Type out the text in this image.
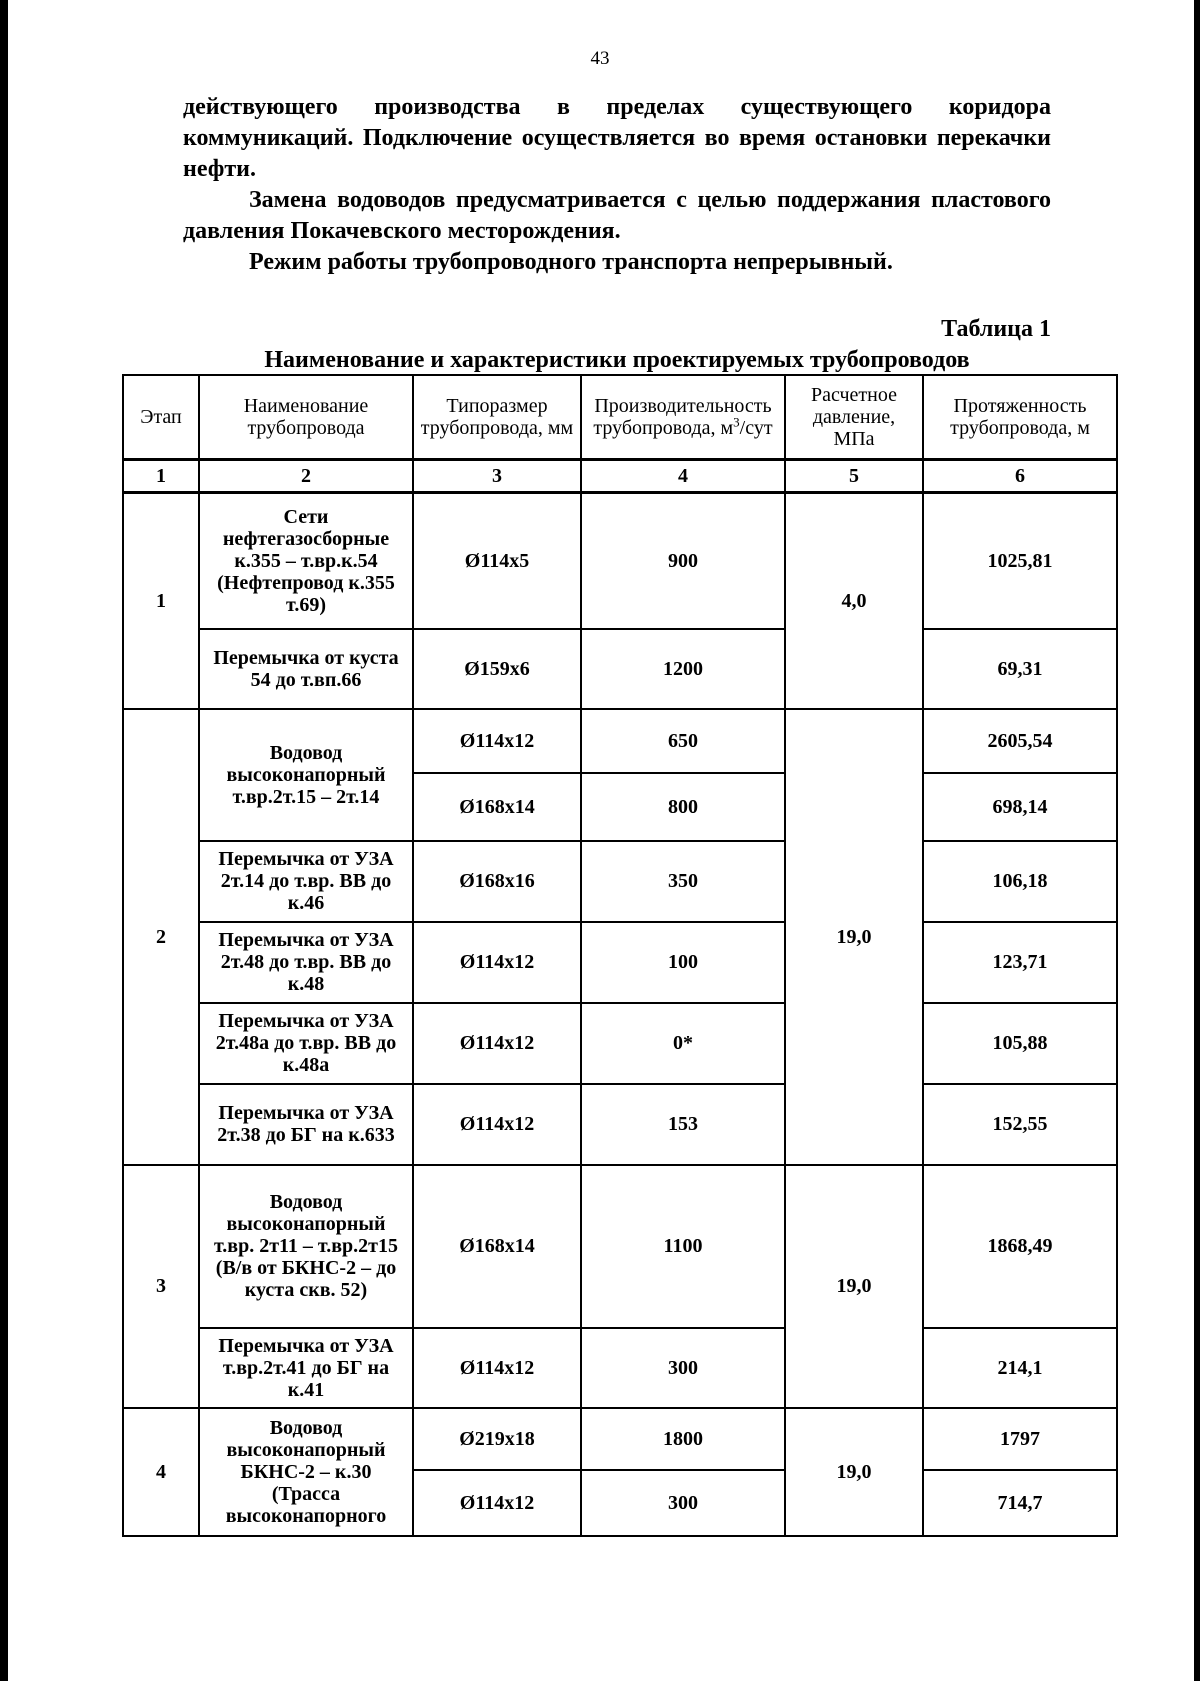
43

действующего производства в пределах существующего коридора коммуникаций. Подключение осуществляется во время остановки перекачки нефти.

Замена водоводов предусматривается с целью поддержания пластового давления Покачевского месторождения.

Режим работы трубопроводного транспорта непрерывный.

Таблица 1
Наименование и характеристики проектируемых трубопроводов
Этап	Наименование трубопровода	Типоразмер трубопровода, мм	Производительность трубопровода, $м^3$/сут	Расчетное давление, МПа	Протяженность трубопровода, м
1	2	3	4	5	6
1	Сети нефтегазосборные к.355 – т.вр.к.54 (Нефтепровод к.355 т.69)	Ø114x5	900	4,0	1025,81
	Перемычка от куста 54 до т.вп.66	Ø159x6	1200		69,31
2	Водовод высоконапорный т.вр.2т.15 – 2т.14	Ø114x12	650	19,0	2605,54
		Ø168x14	800		698,14
	Перемычка от УЗА 2т.14 до т.вр. ВВ до к.46	Ø168x16	350		106,18
	Перемычка от УЗА 2т.48 до т.вр. ВВ до к.48	Ø114x12	100		123,71
	Перемычка от УЗА 2т.48а до т.вр. ВВ до к.48а	Ø114x12	0*		105,88
	Перемычка от УЗА 2т.38 до БГ на к.633	Ø114x12	153		152,55
3	Водовод высоконапорный т.вр. 2т11 – т.вр.2т15 (В/в от БКНС-2 – до куста скв. 52)	Ø168x14	1100	19,0	1868,49
	Перемычка от УЗА т.вр.2т.41 до БГ на к.41	Ø114x12	300		214,1
4	Водовод высоконапорный БКНС-2 – к.30 (Трасса высоконапорного	Ø219x18	1800	19,0	1797
		Ø114x12	300		714,7
